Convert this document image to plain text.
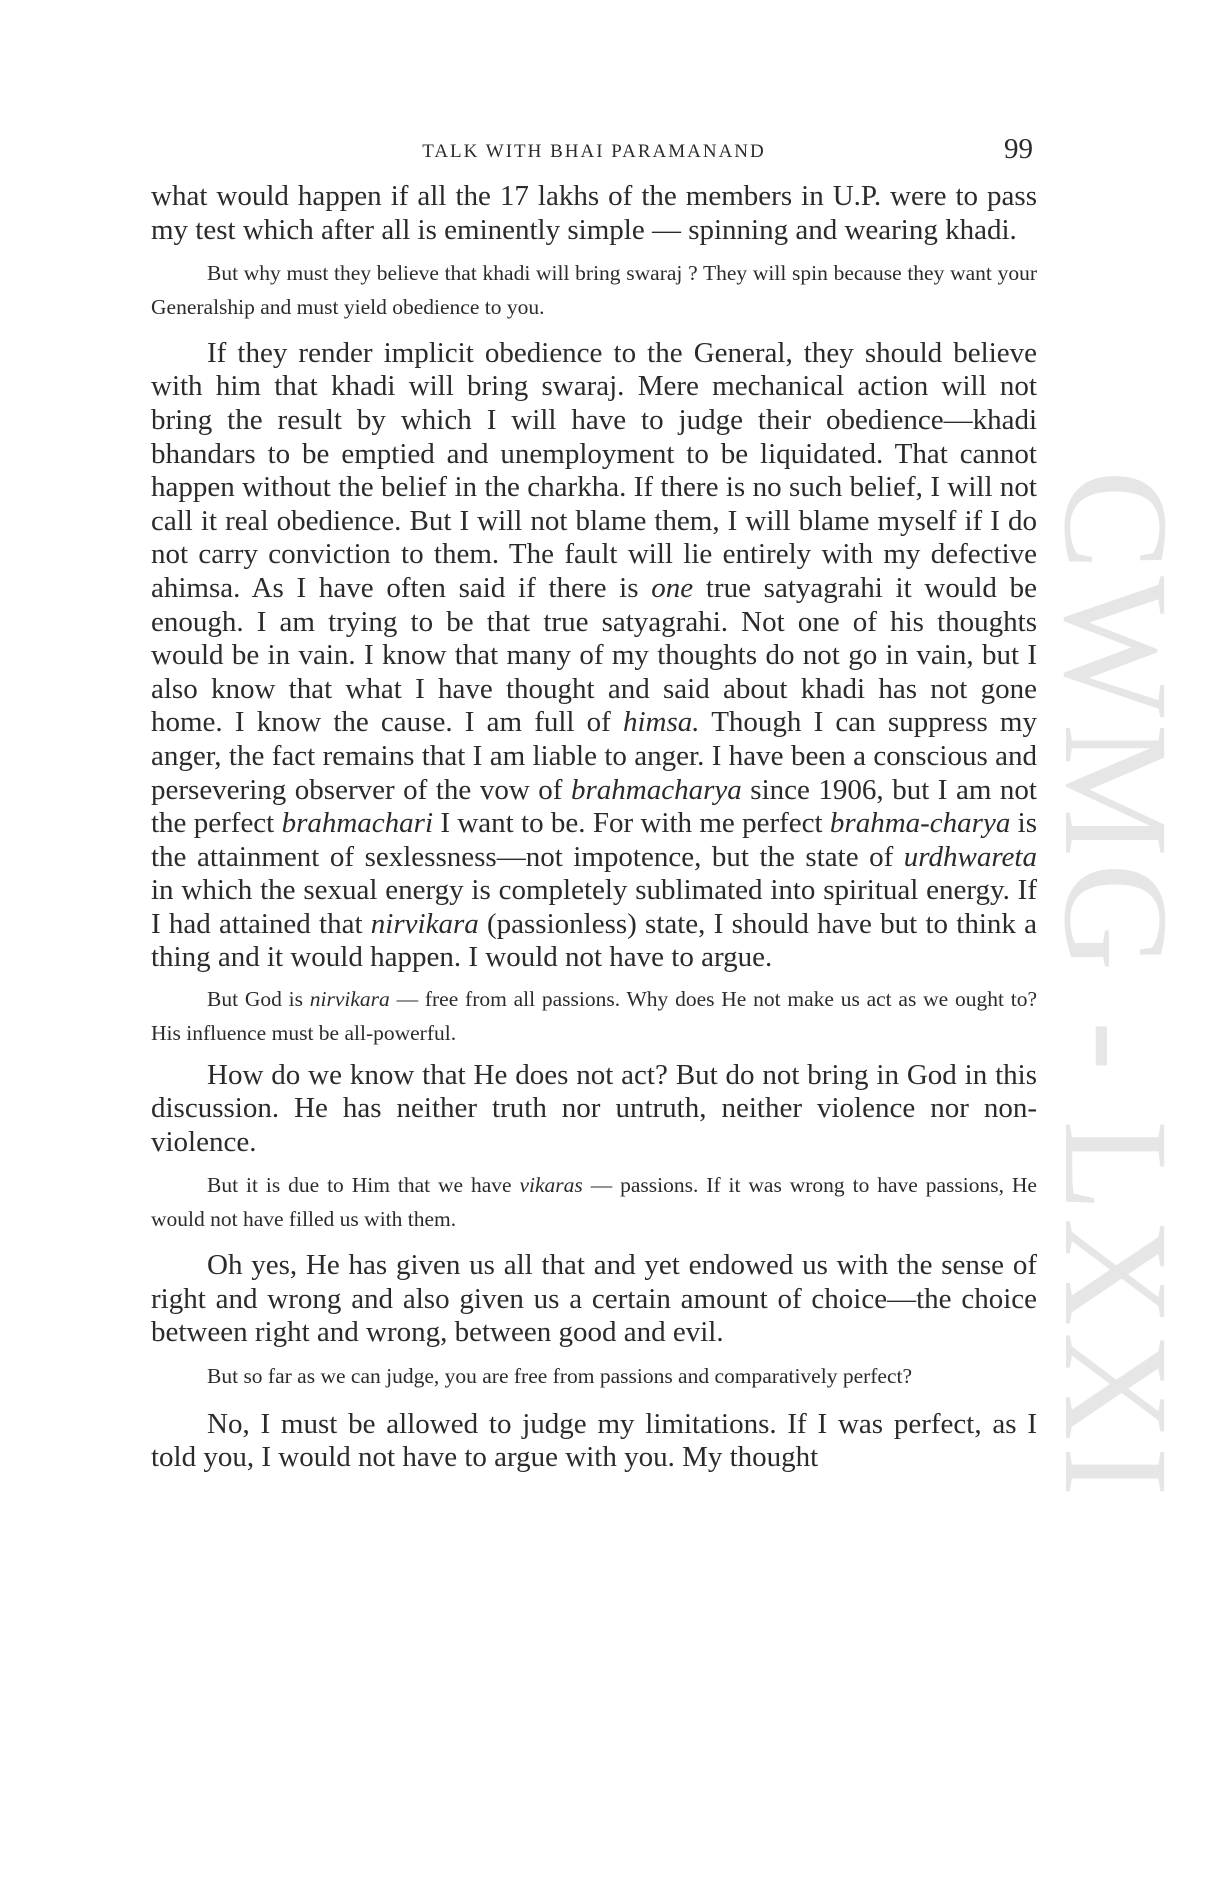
CWMG - LXXI
TALK WITH BHAI PARAMANAND	99

what would happen if all the 17 lakhs of the members in U.P. were to pass my test which after all is eminently simple — spinning and wearing khadi.

But why must they believe that khadi will bring swaraj ? They will spin because they want your Generalship and must yield obedience to you.

If they render implicit obedience to the General, they should believe with him that khadi will bring swaraj. Mere mechanical action will not bring the result by which I will have to judge their obedience—khadi bhandars to be emptied and unemployment to be liquidated. That cannot happen without the belief in the charkha. If there is no such belief, I will not call it real obedience. But I will not blame them, I will blame myself if I do not carry conviction to them. The fault will lie entirely with my defective ahimsa. As I have often said if there is one true satyagrahi it would be enough. I am trying to be that true satyagrahi. Not one of his thoughts would be in vain. I know that many of my thoughts do not go in vain, but I also know that what I have thought and said about khadi has not gone home. I know the cause. I am full of himsa. Though I can suppress my anger, the fact remains that I am liable to anger. I have been a conscious and persevering observer of the vow of brahmacharya since 1906, but I am not the perfect brahmachari I want to be. For with me perfect brahma-charya is the attainment of sexlessness—not impotence, but the state of urdhwareta in which the sexual energy is completely sublimated into spiritual energy. If I had attained that nirvikara (passionless) state, I should have but to think a thing and it would happen. I would not have to argue.

But God is nirvikara — free from all passions. Why does He not make us act as we ought to? His influence must be all-powerful.

How do we know that He does not act? But do not bring in God in this discussion. He has neither truth nor untruth, neither violence nor non-violence.

But it is due to Him that we have vikaras — passions. If it was wrong to have passions, He would not have filled us with them.

Oh yes, He has given us all that and yet endowed us with the sense of right and wrong and also given us a certain amount of choice—the choice between right and wrong, between good and evil.

But so far as we can judge, you are free from passions and comparatively perfect?

No, I must be allowed to judge my limitations. If I was perfect, as I told you, I would not have to argue with you. My thought
